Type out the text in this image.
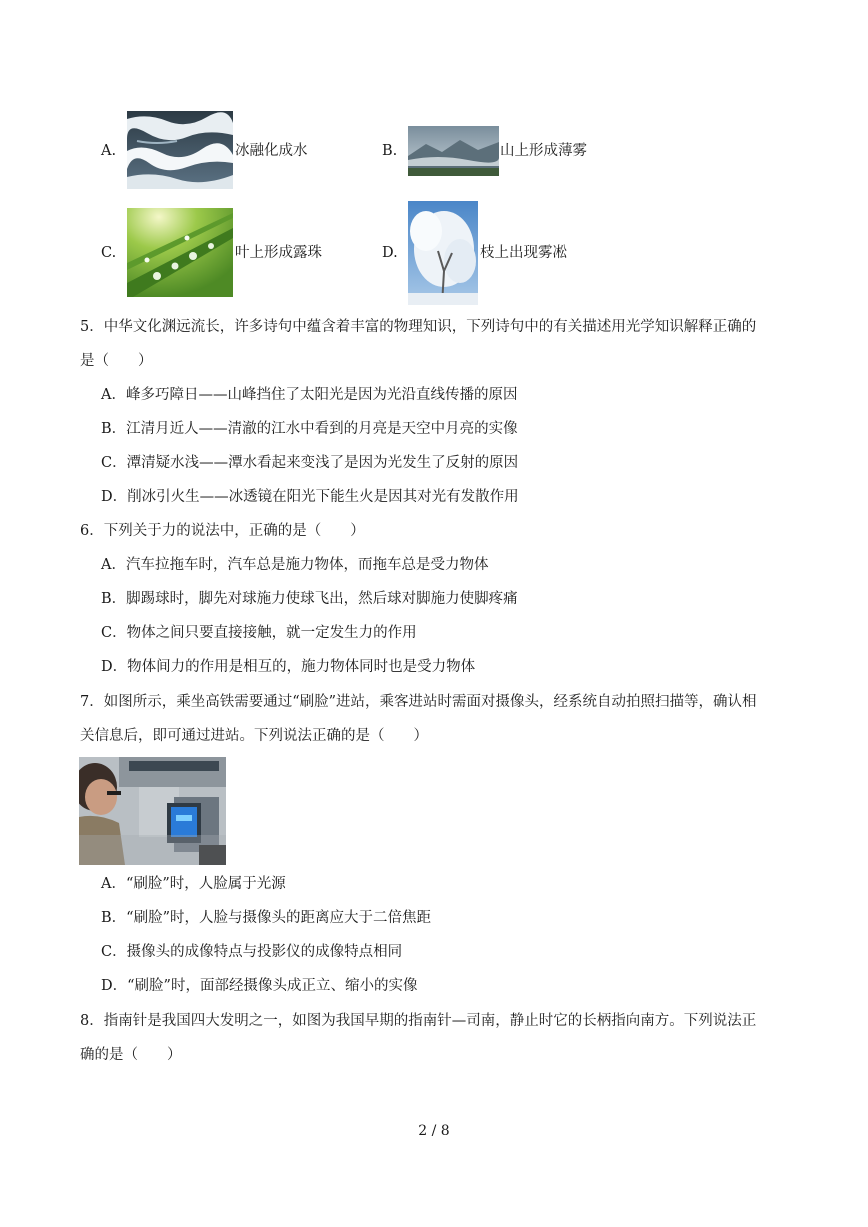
A.	冰融化成水	B.	山上形成薄雾
C.	叶上形成露珠	D.	枝上出现雾凇
5．中华文化渊远流长，许多诗句中蕴含着丰富的物理知识，下列诗句中的有关描述用光学知识解释正确的
是（　　）
A．峰多巧障日——山峰挡住了太阳光是因为光沿直线传播的原因
B．江清月近人——清澈的江水中看到的月亮是天空中月亮的实像
C．潭清疑水浅——潭水看起来变浅了是因为光发生了反射的原因
D．削冰引火生——冰透镜在阳光下能生火是因其对光有发散作用
6．下列关于力的说法中，正确的是（　　）
A．汽车拉拖车时，汽车总是施力物体，而拖车总是受力物体
B．脚踢球时，脚先对球施力使球飞出，然后球对脚施力使脚疼痛
C．物体之间只要直接接触，就一定发生力的作用
D．物体间力的作用是相互的，施力物体同时也是受力物体
7．如图所示，乘坐高铁需要通过“刷脸”进站，乘客进站时需面对摄像头，经系统自动拍照扫描等，确认相
关信息后，即可通过进站。下列说法正确的是（　　）
A．“刷脸”时，人脸属于光源
B．“刷脸”时，人脸与摄像头的距离应大于二倍焦距
C．摄像头的成像特点与投影仪的成像特点相同
D．“刷脸”时，面部经摄像头成正立、缩小的实像
8．指南针是我国四大发明之一，如图为我国早期的指南针—司南，静止时它的长柄指向南方。下列说法正
确的是（　　）
2 / 8
